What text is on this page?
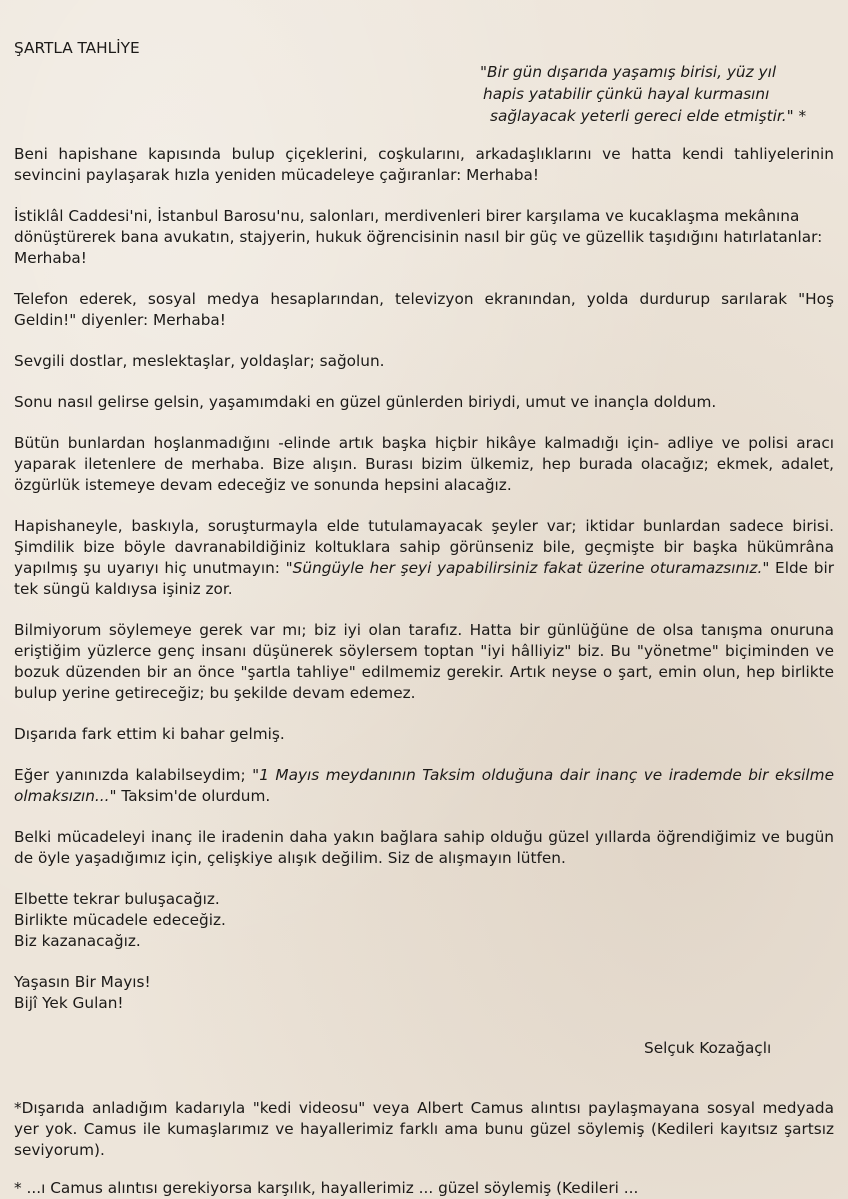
ŞARTLA TAHLİYE
"Bir gün dışarıda yaşamış birisi, yüz yıl
hapis yatabilir çünkü hayal kurmasını
sağlayacak yeterli gereci elde etmiştir." *

Beni hapishane kapısında bulup çiçeklerini, coşkularını, arkadaşlıklarını ve hatta kendi tahliyelerinin sevincini paylaşarak hızla yeniden mücadeleye çağıranlar: Merhaba!

İstiklâl Caddesi'ni, İstanbul Barosu'nu, salonları, merdivenleri birer karşılama ve kucaklaşma mekânına dönüştürerek bana avukatın, stajyerin, hukuk öğrencisinin nasıl bir güç ve güzellik taşıdığını hatırlatanlar: Merhaba!

Telefon ederek, sosyal medya hesaplarından, televizyon ekranından, yolda durdurup sarılarak "Hoş Geldin!" diyenler: Merhaba!

Sevgili dostlar, meslektaşlar, yoldaşlar; sağolun.

Sonu nasıl gelirse gelsin, yaşamımdaki en güzel günlerden biriydi, umut ve inançla doldum.

Bütün bunlardan hoşlanmadığını -elinde artık başka hiçbir hikâye kalmadığı için- adliye ve polisi aracı yaparak iletenlere de merhaba. Bize alışın. Burası bizim ülkemiz, hep burada olacağız; ekmek, adalet, özgürlük istemeye devam edeceğiz ve sonunda hepsini alacağız.

Hapishaneyle, baskıyla, soruşturmayla elde tutulamayacak şeyler var; iktidar bunlardan sadece birisi. Şimdilik bize böyle davranabildiğiniz koltuklara sahip görünseniz bile, geçmişte bir başka hükümrâna yapılmış şu uyarıyı hiç unutmayın: "Süngüyle her şeyi yapabilirsiniz fakat üzerine oturamazsınız." Elde bir tek süngü kaldıysa işiniz zor.

Bilmiyorum söylemeye gerek var mı; biz iyi olan tarafız. Hatta bir günlüğüne de olsa tanışma onuruna eriştiğim yüzlerce genç insanı düşünerek söylersem toptan "iyi hâlliyiz" biz. Bu "yönetme" biçiminden ve bozuk düzenden bir an önce "şartla tahliye" edilmemiz gerekir. Artık neyse o şart, emin olun, hep birlikte bulup yerine getireceğiz; bu şekilde devam edemez.

Dışarıda fark ettim ki bahar gelmiş.

Eğer yanınızda kalabilseydim; "1 Mayıs meydanının Taksim olduğuna dair inanç ve irademde bir eksilme olmaksızın..." Taksim'de olurdum.

Belki mücadeleyi inanç ile iradenin daha yakın bağlara sahip olduğu güzel yıllarda öğrendiğimiz ve bugün de öyle yaşadığımız için, çelişkiye alışık değilim. Siz de alışmayın lütfen.

Elbette tekrar buluşacağız.
Birlikte mücadele edeceğiz.
Biz kazanacağız.

Yaşasın Bir Mayıs!
Bijî Yek Gulan!
Selçuk Kozağaçlı
*Dışarıda anladığım kadarıyla "kedi videosu" veya Albert Camus alıntısı paylaşmayana sosyal medyada yer yok. Camus ile kumaşlarımız ve hayallerimiz farklı ama bunu güzel söylemiş (Kedileri kayıtsız şartsız seviyorum).
* ...ı Camus alıntısı gerekiyorsa karşılık, hayallerimiz ... güzel söylemiş (Kedileri ...
